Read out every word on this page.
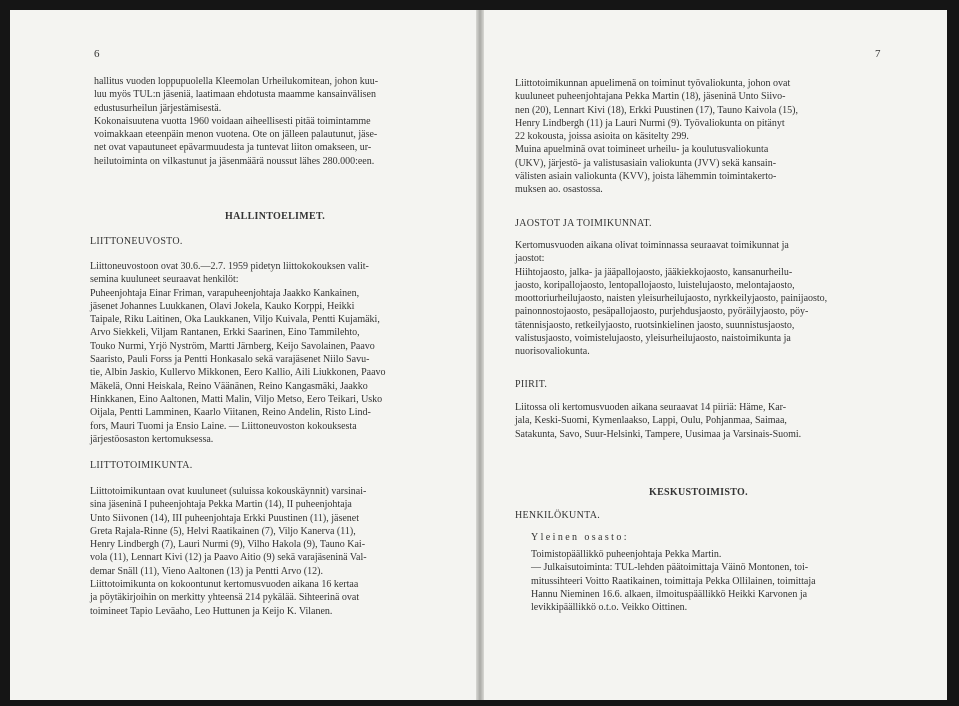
6
hallitus vuoden loppupuolella Kleemolan Urheilukomitean, johon kuu-
luu myös TUL:n jäseniä, laatimaan ehdotusta maamme kansainvälisen
edustusurheilun järjestämisestä.
Kokonaisuutena vuotta 1960 voidaan aiheellisesti pitää toimintamme
voimakkaan eteenpäin menon vuotena. Ote on jälleen palautunut, jäse-
net ovat vapautuneet epävarmuudesta ja tuntevat liiton omakseen, ur-
heilutoiminta on vilkastunut ja jäsenmäärä noussut lähes 280.000:een.
HALLINTOELIMET.
LIITTONEUVOSTO.
Liittoneuvostoon ovat 30.6.—2.7. 1959 pidetyn liittokokouksen valit-
semina kuuluneet seuraavat henkilöt:
Puheenjohtaja Einar Friman, varapuheenjohtaja Jaakko Kankainen,
jäsenet Johannes Luukkanen, Olavi Jokela, Kauko Korppi, Heikki
Taipale, Riku Laitinen, Oka Laukkanen, Viljo Kuivala, Pentti Kujamäki,
Arvo Siekkeli, Viljam Rantanen, Erkki Saarinen, Eino Tammilehto,
Touko Nurmi, Yrjö Nyström, Martti Järnberg, Keijo Savolainen, Paavo
Saaristo, Pauli Forss ja Pentti Honkasalo sekä varajäsenet Niilo Savu-
tie, Albin Jaskio, Kullervo Mikkonen, Eero Kallio, Aili Liukkonen, Paavo
Mäkelä, Onni Heiskala, Reino Väänänen, Reino Kangasmäki, Jaakko
Hinkkanen, Eino Aaltonen, Matti Malin, Viljo Metso, Eero Teikari, Usko
Oijala, Pentti Lamminen, Kaarlo Viitanen, Reino Andelin, Risto Lind-
fors, Mauri Tuomi ja Ensio Laine. — Liittoneuvoston kokouksesta
järjestöosaston kertomuksessa.
LIITTOTOIMIKUNTA.
Liittotoimikuntaan ovat kuuluneet (suluissa kokouskäynnit) varsinai-
sina jäseninä I puheenjohtaja Pekka Martin (14), II puheenjohtaja
Unto Siivonen (14), III puheenjohtaja Erkki Puustinen (11), jäsenet
Greta Rajala-Rinne (5), Helvi Raatikainen (7), Viljo Kanerva (11),
Henry Lindbergh (7), Lauri Nurmi (9), Vilho Hakola (9), Tauno Kai-
vola (11), Lennart Kivi (12) ja Paavo Aitio (9) sekä varajäseninä Val-
demar Snäll (11), Vieno Aaltonen (13) ja Pentti Arvo (12).
Liittotoimikunta on kokoontunut kertomusvuoden aikana 16 kertaa
ja pöytäkirjoihin on merkitty yhteensä 214 pykälää. Sihteerinä ovat
toimineet Tapio Leväaho, Leo Huttunen ja Keijo K. Vilanen.
7
Liittotoimikunnan apuelimenä on toiminut työvaliokunta, johon ovat
kuuluneet puheenjohtajana Pekka Martin (18), jäseninä Unto Siivo-
nen (20), Lennart Kivi (18), Erkki Puustinen (17), Tauno Kaivola (15),
Henry Lindbergh (11) ja Lauri Nurmi (9). Työvaliokunta on pitänyt
22 kokousta, joissa asioita on käsitelty 299.
Muina apuelminä ovat toimineet urheilu- ja koulutusvaliokunta
(UKV), järjestö- ja valistusasiain valiokunta (JVV) sekä kansain-
välisten asiain valiokunta (KVV), joista lähemmin toimintakerto-
muksen ao. osastossa.
JAOSTOT JA TOIMIKUNNAT.
Kertomusvuoden aikana olivat toiminnassa seuraavat toimikunnat ja
jaostot:
Hiihtojaosto, jalka- ja jääpallojaosto, jääkiekkojaosto, kansanurheilu-
jaosto, koripallojaosto, lentopallojaosto, luistelujaosto, melontajaosto,
moottoriurheilujaosto, naisten yleisurheilujaosto, nyrkkeilyjaosto, painijaosto,
painonnostojaosto, pesäpallojaosto, purjehdusjaosto, pyöräilyjaosto, pöy-
tätennisjaosto, retkeilyjaosto, ruotsinkielinen jaosto, suunnistusjaosto,
valistusjaosto, voimistelujaosto, yleisurheilujaosto, naistoimikunta ja
nuorisovaliokunta.
PIIRIT.
Liitossa oli kertomusvuoden aikana seuraavat 14 piiriä: Häme, Kar-
jala, Keski-Suomi, Kymenlaakso, Lappi, Oulu, Pohjanmaa, Saimaa,
Satakunta, Savo, Suur-Helsinki, Tampere, Uusimaa ja Varsinais-Suomi.
KESKUSTOIMISTO.
HENKILÖKUNTA.
Yleinen osasto:
Toimistopäällikkö puheenjohtaja Pekka Martin.
— Julkaisutoiminta: TUL-lehden päätoimittaja Väinö Montonen, toi-
mitussihteeri Voitto Raatikainen, toimittaja Pekka Ollilainen, toimittaja
Hannu Nieminen 16.6. alkaen, ilmoituspäällikkö Heikki Karvonen ja
levikkipäällikkö o.t.o. Veikko Oittinen.
